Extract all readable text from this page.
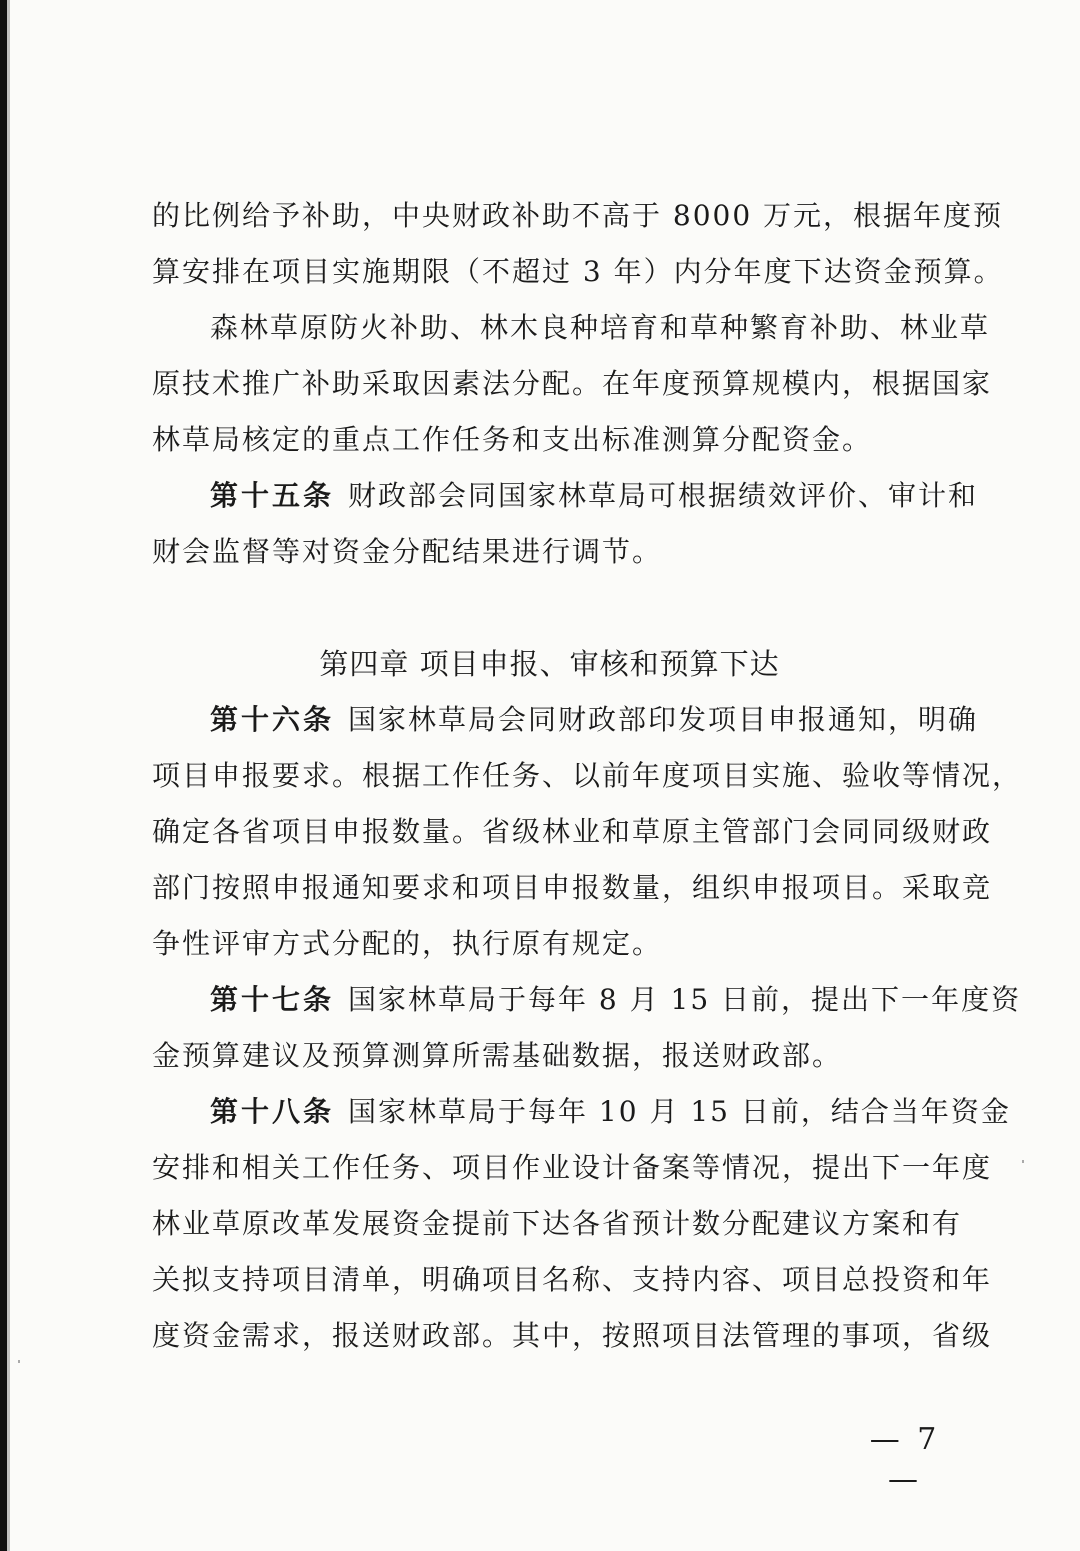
的比例给予补助，中央财政补助不高于 8000 万元，根据年度预
算安排在项目实施期限（不超过 3 年）内分年度下达资金预算。
森林草原防火补助、林木良种培育和草种繁育补助、林业草
原技术推广补助采取因素法分配。在年度预算规模内，根据国家
林草局核定的重点工作任务和支出标准测算分配资金。
第十五条 财政部会同国家林草局可根据绩效评价、审计和
财会监督等对资金分配结果进行调节。
第十六条 国家林草局会同财政部印发项目申报通知，明确
项目申报要求。根据工作任务、以前年度项目实施、验收等情况，
确定各省项目申报数量。省级林业和草原主管部门会同同级财政
部门按照申报通知要求和项目申报数量，组织申报项目。采取竞
争性评审方式分配的，执行原有规定。
第十七条 国家林草局于每年 8 月 15 日前，提出下一年度资
金预算建议及预算测算所需基础数据，报送财政部。
第十八条 国家林草局于每年 10 月 15 日前，结合当年资金
安排和相关工作任务、项目作业设计备案等情况，提出下一年度
林业草原改革发展资金提前下达各省预计数分配建议方案和有
关拟支持项目清单，明确项目名称、支持内容、项目总投资和年
度资金需求，报送财政部。其中，按照项目法管理的事项，省级
第四章 项目申报、审核和预算下达
— 7 —
